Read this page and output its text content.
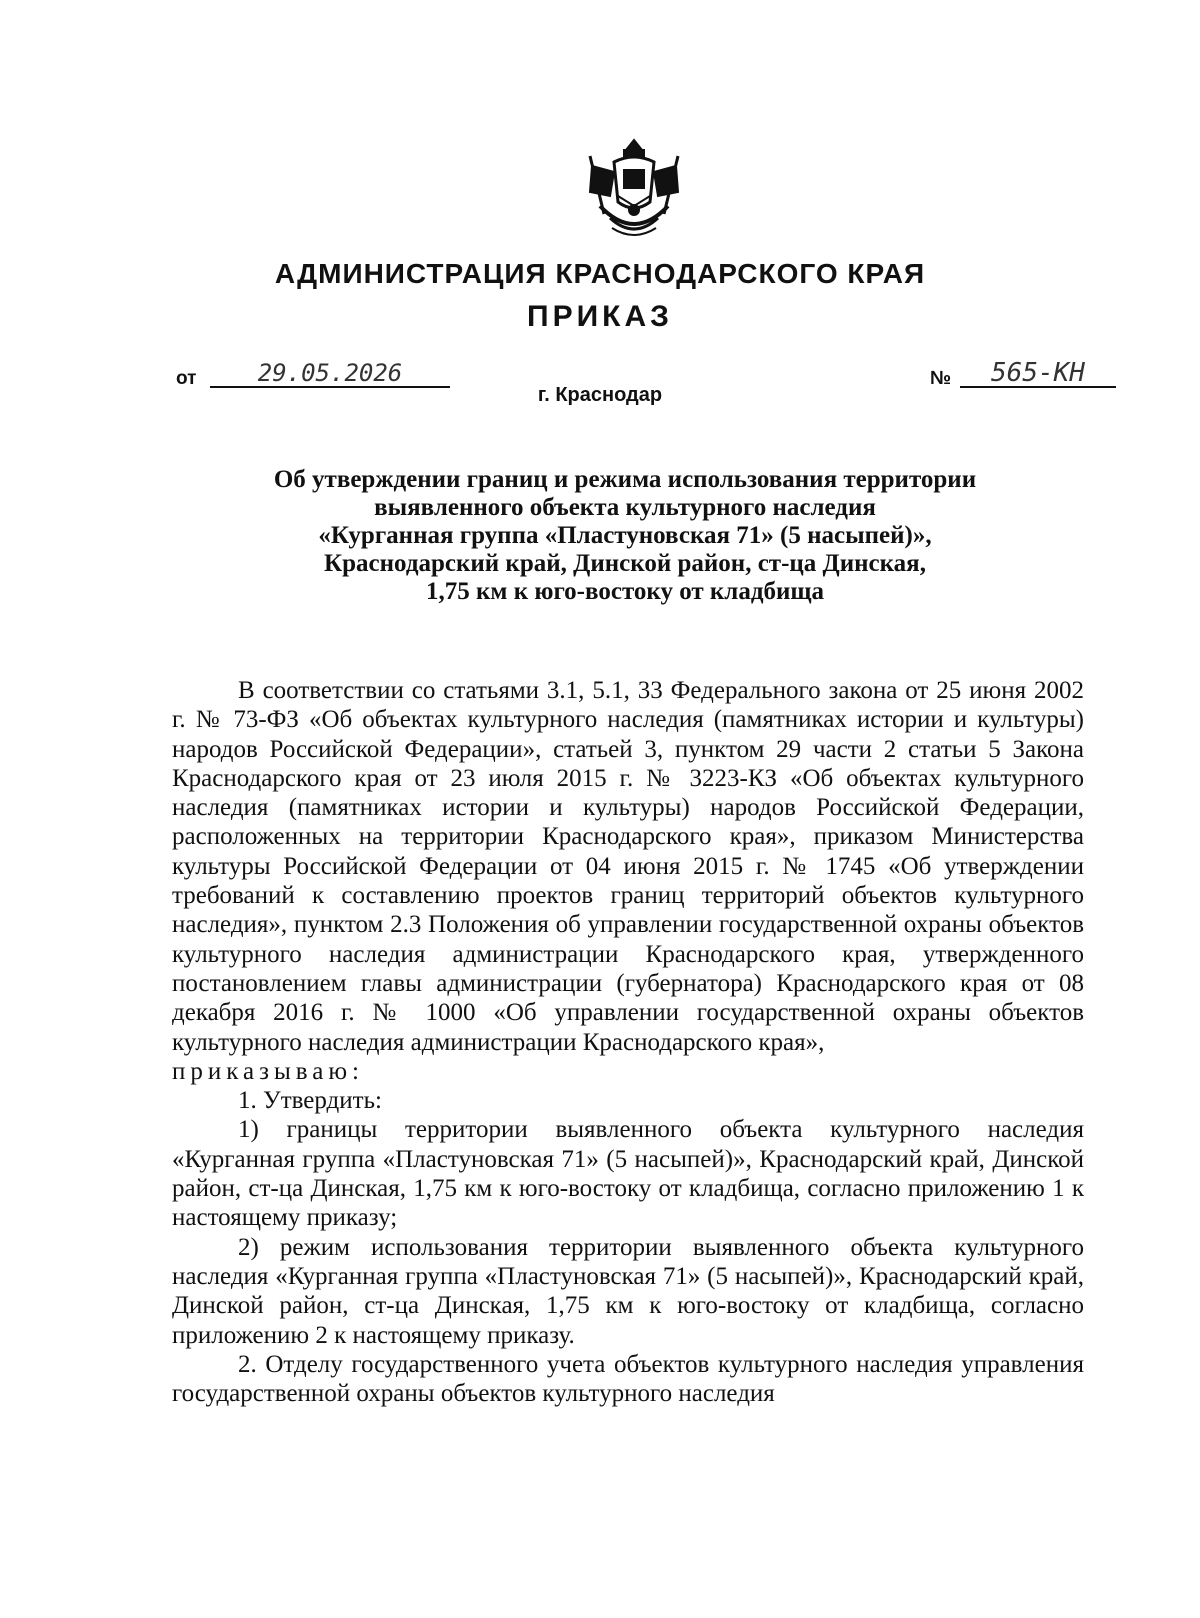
АДМИНИСТРАЦИЯ КРАСНОДАРСКОГО КРАЯ
ПРИКАЗ
от	29.05.2026	№	565-КН
г. Краснодар
Об утверждении границ и режима использования территории
выявленного объекта культурного наследия
«Курганная группа «Пластуновская 71» (5 насыпей)»,
Краснодарский край, Динской район, ст-ца Динская,
1,75 км к юго-востоку от кладбища

В соответствии со статьями 3.1, 5.1, 33 Федерального закона от 25 июня 2002 г. № 73-ФЗ «Об объектах культурного наследия (памятниках истории и культуры) народов Российской Федерации», статьей 3, пунктом 29 части 2 статьи 5 Закона Краснодарского края от 23 июля 2015 г. № 3223-КЗ «Об объектах культурного наследия (памятниках истории и культуры) народов Российской Федерации, расположенных на территории Краснодарского края», приказом Министерства культуры Российской Федерации от 04 июня 2015 г. № 1745 «Об утверждении требований к составлению проектов границ территорий объектов культурного наследия», пунктом 2.3 Положения об управлении государственной охраны объектов культурного наследия администрации Краснодарского края, утвержденного постановлением главы администрации (губернатора) Краснодарского края от 08 декабря 2016 г. № 1000 «Об управлении государственной охраны объектов культурного наследия администрации Краснодарского края»,

приказываю:

1. Утвердить:

1) границы территории выявленного объекта культурного наследия «Курганная группа «Пластуновская 71» (5 насыпей)», Краснодарский край, Динской район, ст-ца Динская, 1,75 км к юго-востоку от кладбища, согласно приложению 1 к настоящему приказу;

2) режим использования территории выявленного объекта культурного наследия «Курганная группа «Пластуновская 71» (5 насыпей)», Краснодарский край, Динской район, ст-ца Динская, 1,75 км к юго-востоку от кладбища, согласно приложению 2 к настоящему приказу.

2. Отделу государственного учета объектов культурного наследия управления государственной охраны объектов культурного наследия
